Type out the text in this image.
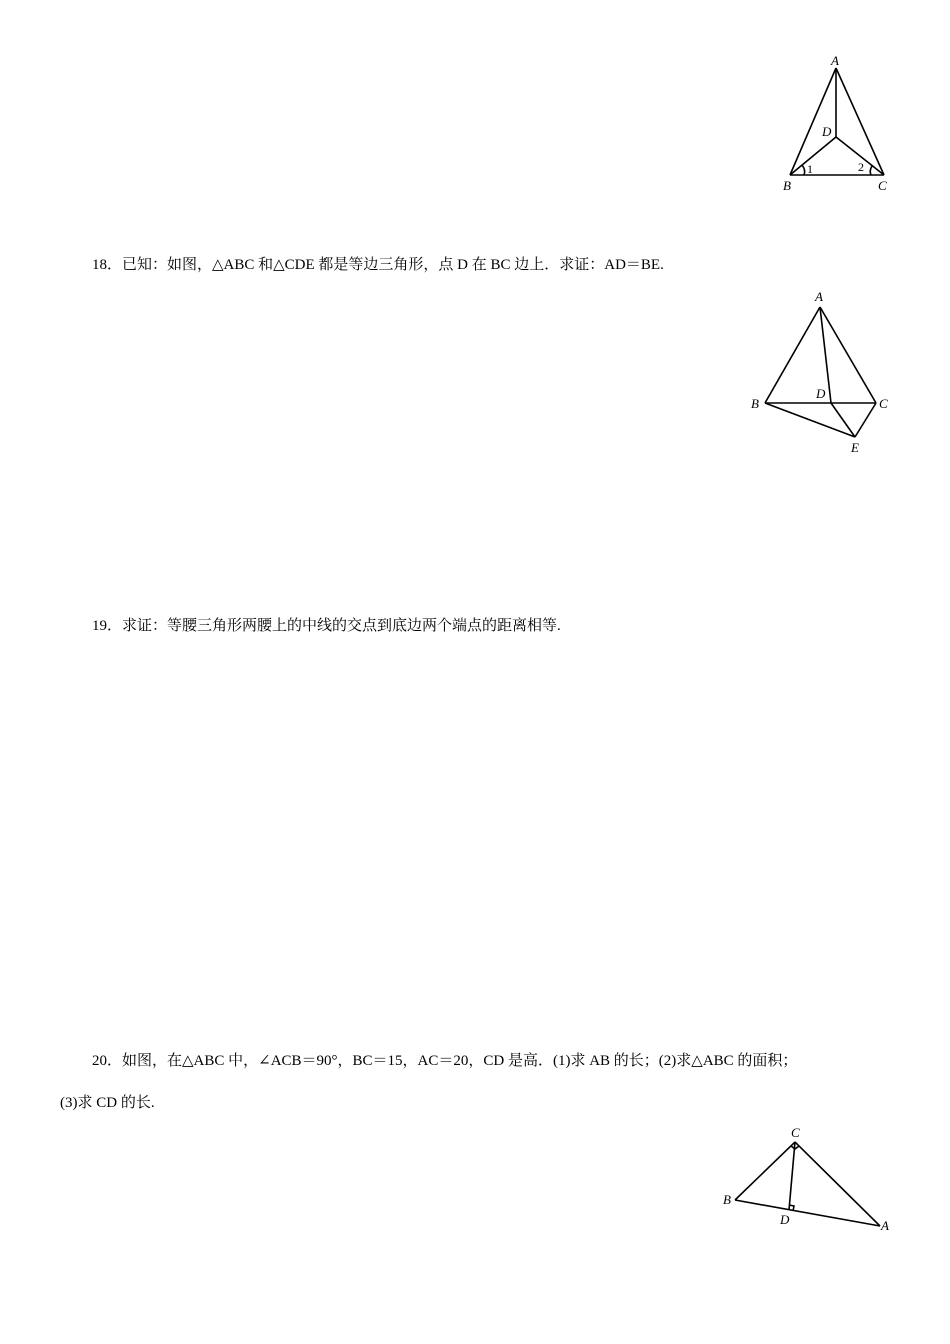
A
D
B	C
1	2
18．已知：如图，△ABC 和△CDE 都是等边三角形，点 D 在 BC 边上．求证：AD＝BE.
A
B
D
C
E
19．求证：等腰三角形两腰上的中线的交点到底边两个端点的距离相等.
20．如图，在△ABC 中，∠ACB＝90°，BC＝15，AC＝20，CD 是高．(1)求 AB 的长；(2)求△ABC 的面积；
(3)求 CD 的长.
C
B
D	A
